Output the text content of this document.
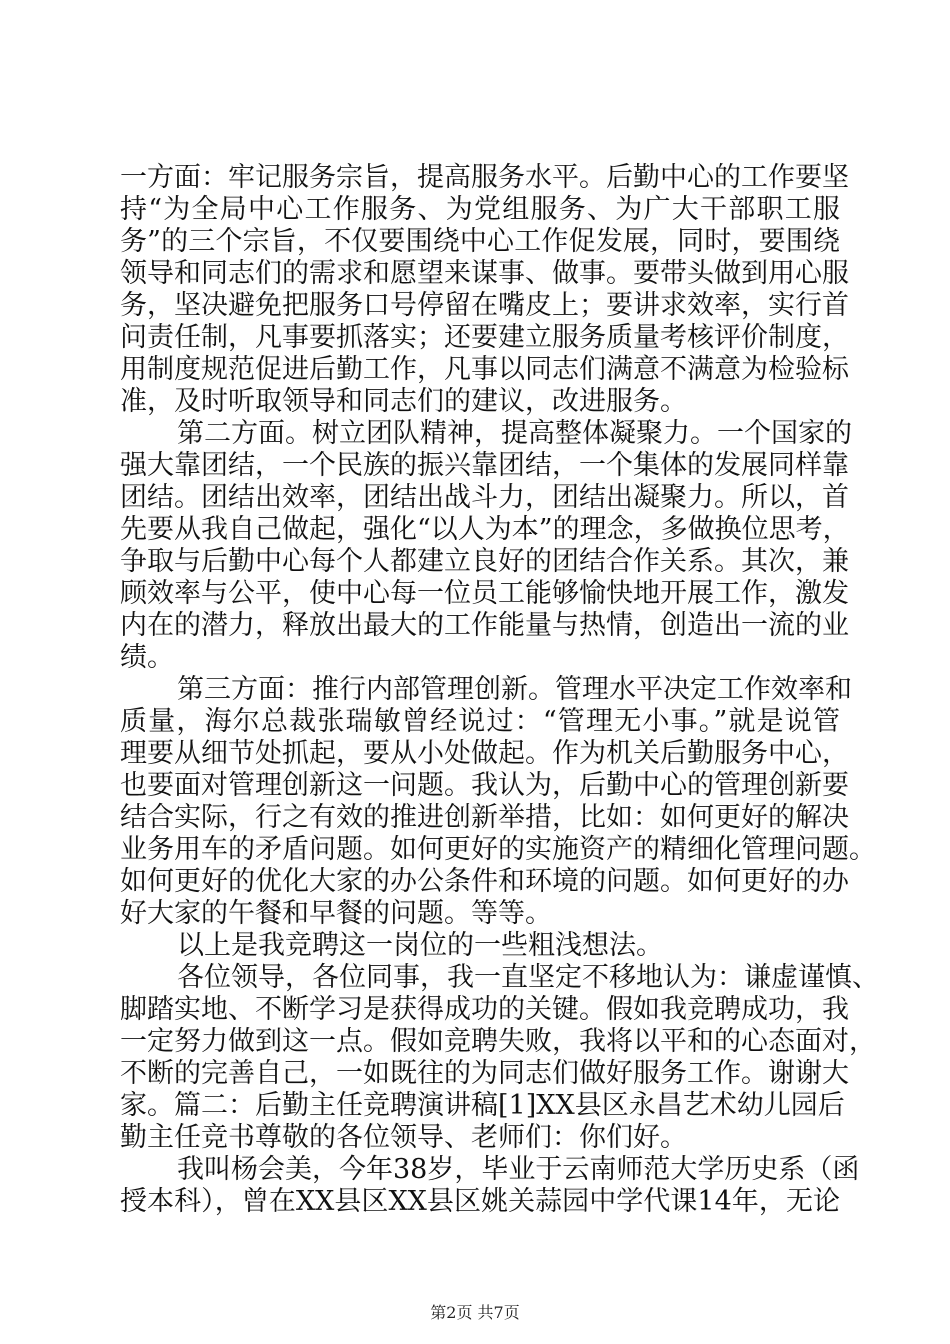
一方面：牢记服务宗旨，提高服务水平。后勤中心的工作要坚
持“为全局中心工作服务、为党组服务、为广大干部职工服
务”的三个宗旨，不仅要围绕中心工作促发展，同时，要围绕
领导和同志们的需求和愿望来谋事、做事。要带头做到用心服
务，坚决避免把服务口号停留在嘴皮上；要讲求效率，实行首
问责任制，凡事要抓落实；还要建立服务质量考核评价制度，
用制度规范促进后勤工作，凡事以同志们满意不满意为检验标
准，及时听取领导和同志们的建议，改进服务。
第二方面。树立团队精神，提高整体凝聚力。一个国家的
强大靠团结，一个民族的振兴靠团结，一个集体的发展同样靠
团结。团结出效率，团结出战斗力，团结出凝聚力。所以，首
先要从我自己做起，强化“以人为本”的理念，多做换位思考，
争取与后勤中心每个人都建立良好的团结合作关系。其次，兼
顾效率与公平，使中心每一位员工能够愉快地开展工作，激发
内在的潜力，释放出最大的工作能量与热情，创造出一流的业
绩。
第三方面：推行内部管理创新。管理水平决定工作效率和
质量，海尔总裁张瑞敏曾经说过：“管理无小事。”就是说管
理要从细节处抓起，要从小处做起。作为机关后勤服务中心，
也要面对管理创新这一问题。我认为，后勤中心的管理创新要
结合实际，行之有效的推进创新举措，比如：如何更好的解决
业务用车的矛盾问题。如何更好的实施资产的精细化管理问题。
如何更好的优化大家的办公条件和环境的问题。如何更好的办
好大家的午餐和早餐的问题。等等。
以上是我竞聘这一岗位的一些粗浅想法。
各位领导，各位同事，我一直坚定不移地认为：谦虚谨慎、
脚踏实地、不断学习是获得成功的关键。假如我竞聘成功，我
一定努力做到这一点。假如竞聘失败，我将以平和的心态面对，
不断的完善自己，一如既往的为同志们做好服务工作。谢谢大
家。篇二：后勤主任竞聘演讲稿[1]XX县区永昌艺术幼儿园后
勤主任竞书尊敬的各位领导、老师们：你们好。
我叫杨会美，今年38岁，毕业于云南师范大学历史系（函
授本科），曾在XX县区XX县区姚关蒜园中学代课14年，无论
第2页 共7页
